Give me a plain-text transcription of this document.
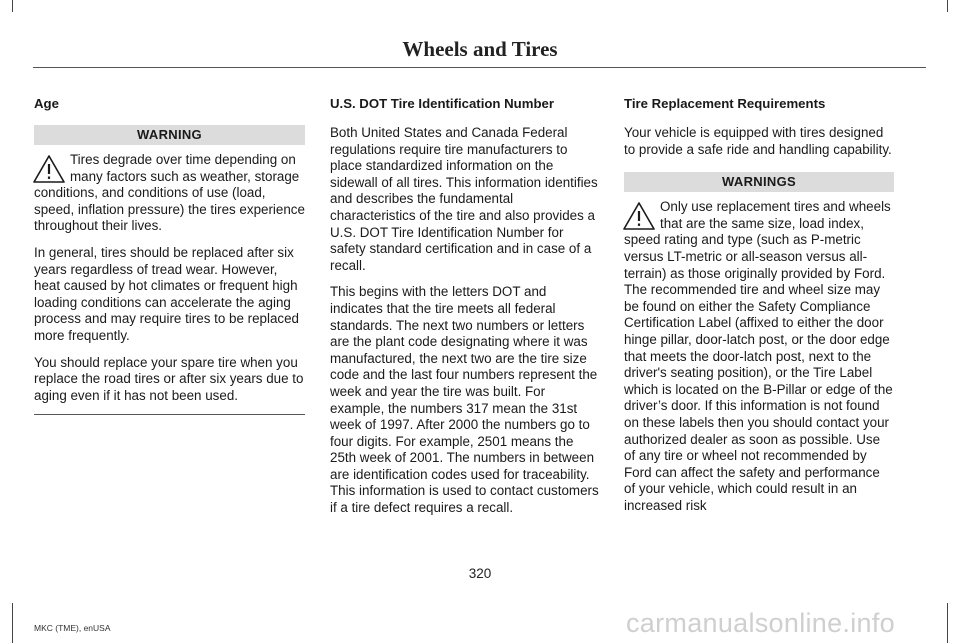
Wheels and Tires
Age
WARNING

Tires degrade over time depending on many factors such as weather, storage conditions, and conditions of use (load, speed, inflation pressure) the tires experience throughout their lives.

In general, tires should be replaced after six years regardless of tread wear. However, heat caused by hot climates or frequent high loading conditions can accelerate the aging process and may require tires to be replaced more frequently.

You should replace your spare tire when you replace the road tires or after six years due to aging even if it has not been used.

U.S. DOT Tire Identification Number

Both United States and Canada Federal regulations require tire manufacturers to place standardized information on the sidewall of all tires. This information identifies and describes the fundamental characteristics of the tire and also provides a U.S. DOT Tire Identification Number for safety standard certification and in case of a recall.

This begins with the letters DOT and indicates that the tire meets all federal standards. The next two numbers or letters are the plant code designating where it was manufactured, the next two are the tire size code and the last four numbers represent the week and year the tire was built. For example, the numbers 317 mean the 31st week of 1997. After 2000 the numbers go to four digits. For example, 2501 means the 25th week of 2001. The numbers in between are identification codes used for traceability. This information is used to contact customers if a tire defect requires a recall.

Tire Replacement Requirements

Your vehicle is equipped with tires designed to provide a safe ride and handling capability.

WARNINGS

Only use replacement tires and wheels that are the same size, load index, speed rating and type (such as P-metric versus LT-metric or all-season versus all-terrain) as those originally provided by Ford. The recommended tire and wheel size may be found on either the Safety Compliance Certification Label (affixed to either the door hinge pillar, door-latch post, or the door edge that meets the door-latch post, next to the driver's seating position), or the Tire Label which is located on the B-Pillar or edge of the driver’s door. If this information is not found on these labels then you should contact your authorized dealer as soon as possible. Use of any tire or wheel not recommended by Ford can affect the safety and performance of your vehicle, which could result in an increased risk

320
MKC (TME), enUSA	carmanualsonline.info
